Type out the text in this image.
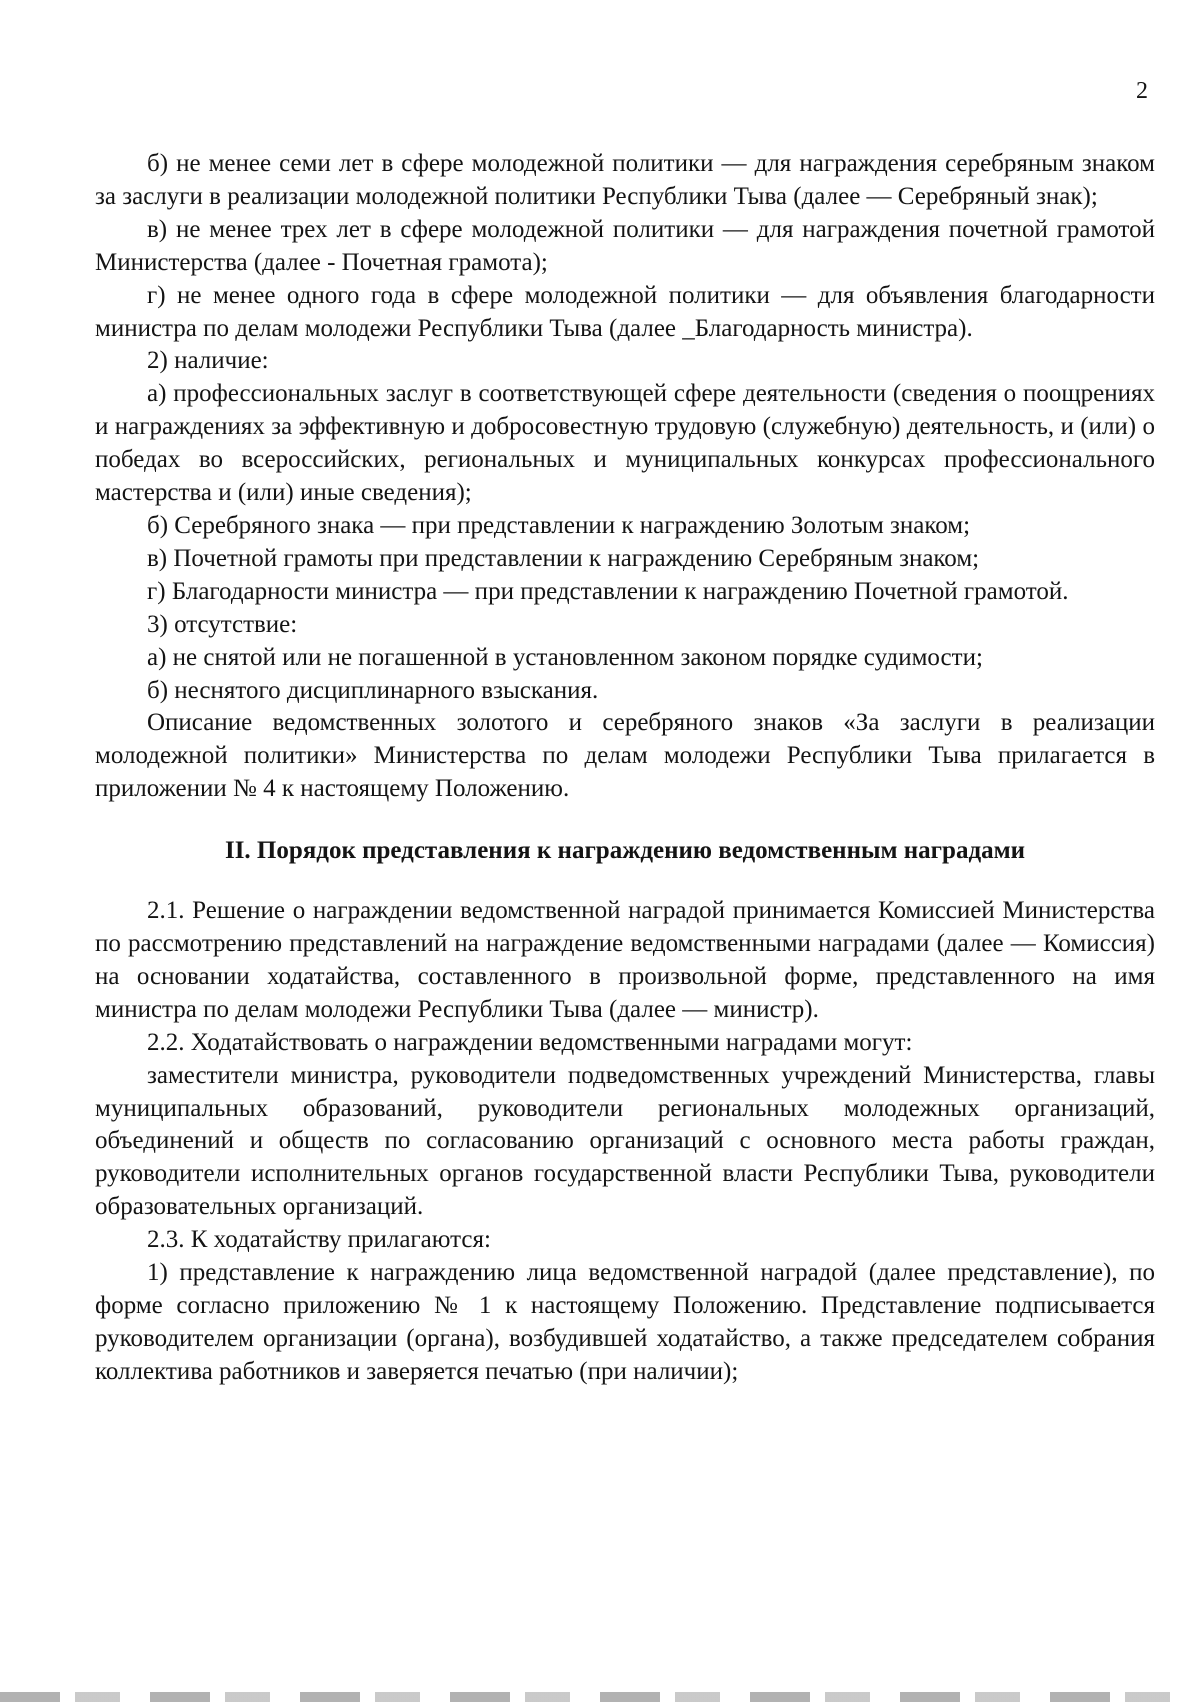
2

б) не менее семи лет в сфере молодежной политики — для награждения серебряным знаком за заслуги в реализации молодежной политики Республики Тыва (далее — Серебряный знак);

в) не менее трех лет в сфере молодежной политики — для награждения почетной грамотой Министерства (далее - Почетная грамота);

г) не менее одного года в сфере молодежной политики — для объявления благодарности министра по делам молодежи Республики Тыва (далее _Благодарность министра).

2) наличие:

а) профессиональных заслуг в соответствующей сфере деятельности (сведения о поощрениях и награждениях за эффективную и добросовестную трудовую (служебную) деятельность, и (или) о победах во всероссийских, региональных и муниципальных конкурсах профессионального мастерства и (или) иные сведения);

б) Серебряного знака — при представлении к награждению Золотым знаком;

в) Почетной грамоты при представлении к награждению Серебряным знаком;

г) Благодарности министра — при представлении к награждению Почетной грамотой.

3) отсутствие:

а) не снятой или не погашенной в установленном законом порядке судимости;

б) неснятого дисциплинарного взыскания.

Описание ведомственных золотого и серебряного знаков «За заслуги в реализации молодежной политики» Министерства по делам молодежи Республики Тыва прилагается в приложении № 4 к настоящему Положению.

II. Порядок представления к награждению ведомственным наградами

2.1. Решение о награждении ведомственной наградой принимается Комиссией Министерства по рассмотрению представлений на награждение ведомственными наградами (далее — Комиссия) на основании ходатайства, составленного в произвольной форме, представленного на имя министра по делам молодежи Республики Тыва (далее — министр).

2.2. Ходатайствовать о награждении ведомственными наградами могут:

заместители министра, руководители подведомственных учреждений Министерства, главы муниципальных образований, руководители региональных молодежных организаций, объединений и обществ по согласованию организаций с основного места работы граждан, руководители исполнительных органов государственной власти Республики Тыва, руководители образовательных организаций.

2.3. К ходатайству прилагаются:

1) представление к награждению лица ведомственной наградой (далее представление), по форме согласно приложению № 1 к настоящему Положению. Представление подписывается руководителем организации (органа), возбудившей ходатайство, а также председателем собрания коллектива работников и заверяется печатью (при наличии);
